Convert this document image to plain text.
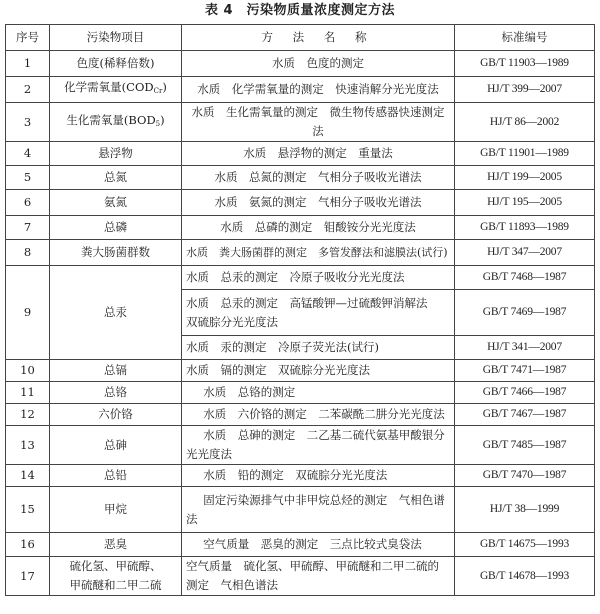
表 4　污染物质量浓度测定方法
序号	污染物项目	方 法 名 称	标准编号
1	色度(稀释倍数)	水质　色度的测定	GB/T 11903—1989
2	化学需氧量$(COD_{Cr})$	水质　化学需氧量的测定　快速消解分光光度法	HJ/T 399—2007
3	生化需氧量$(BOD_5)$	水质　生化需氧量的测定　微生物传感器快速测定法	HJ/T 86—2002
4	悬浮物	水质　悬浮物的测定　重量法	GB/T 11901—1989
5	总氮	水质　总氮的测定　气相分子吸收光谱法	HJ/T 199—2005
6	氨氮	水质　氨氮的测定　气相分子吸收光谱法	HJ/T 195—2005
7	总磷	水质　总磷的测定　钼酸铵分光光度法	GB/T 11893—1989
8	粪大肠菌群数	水质　粪大肠菌群的测定　多管发酵法和滤膜法(试行)	HJ/T 347—2007
9	总汞	水质　总汞的测定　冷原子吸收分光光度法	GB/T 7468—1987
		水质　总汞的测定　高锰酸钾—过硫酸钾消解法　双硫腙分光光度法	GB/T 7469—1987
		水质　汞的测定　冷原子荧光法(试行)	HJ/T 341—2007
10	总镉	水质　镉的测定　双硫腙分光光度法	GB/T 7471—1987
11	总铬	水质　总铬的测定	GB/T 7466—1987
12	六价铬	水质　六价铬的测定　二苯碳酰二肼分光光度法	GB/T 7467—1987
13	总砷	水质　总砷的测定　二乙基二硫代氨基甲酸银分光光度法	GB/T 7485—1987
14	总铅	水质　铅的测定　双硫腙分光光度法	GB/T 7470—1987
15	甲烷	固定污染源排气中非甲烷总烃的测定　气相色谱法	HJ/T 38—1999
16	恶臭	空气质量　恶臭的测定　三点比较式臭袋法	GB/T 14675—1993
17	硫化氢、甲硫醇、甲硫醚和二甲二硫	空气质量　硫化氢、甲硫醇、甲硫醚和二甲二硫的测定　气相色谱法	GB/T 14678—1993
